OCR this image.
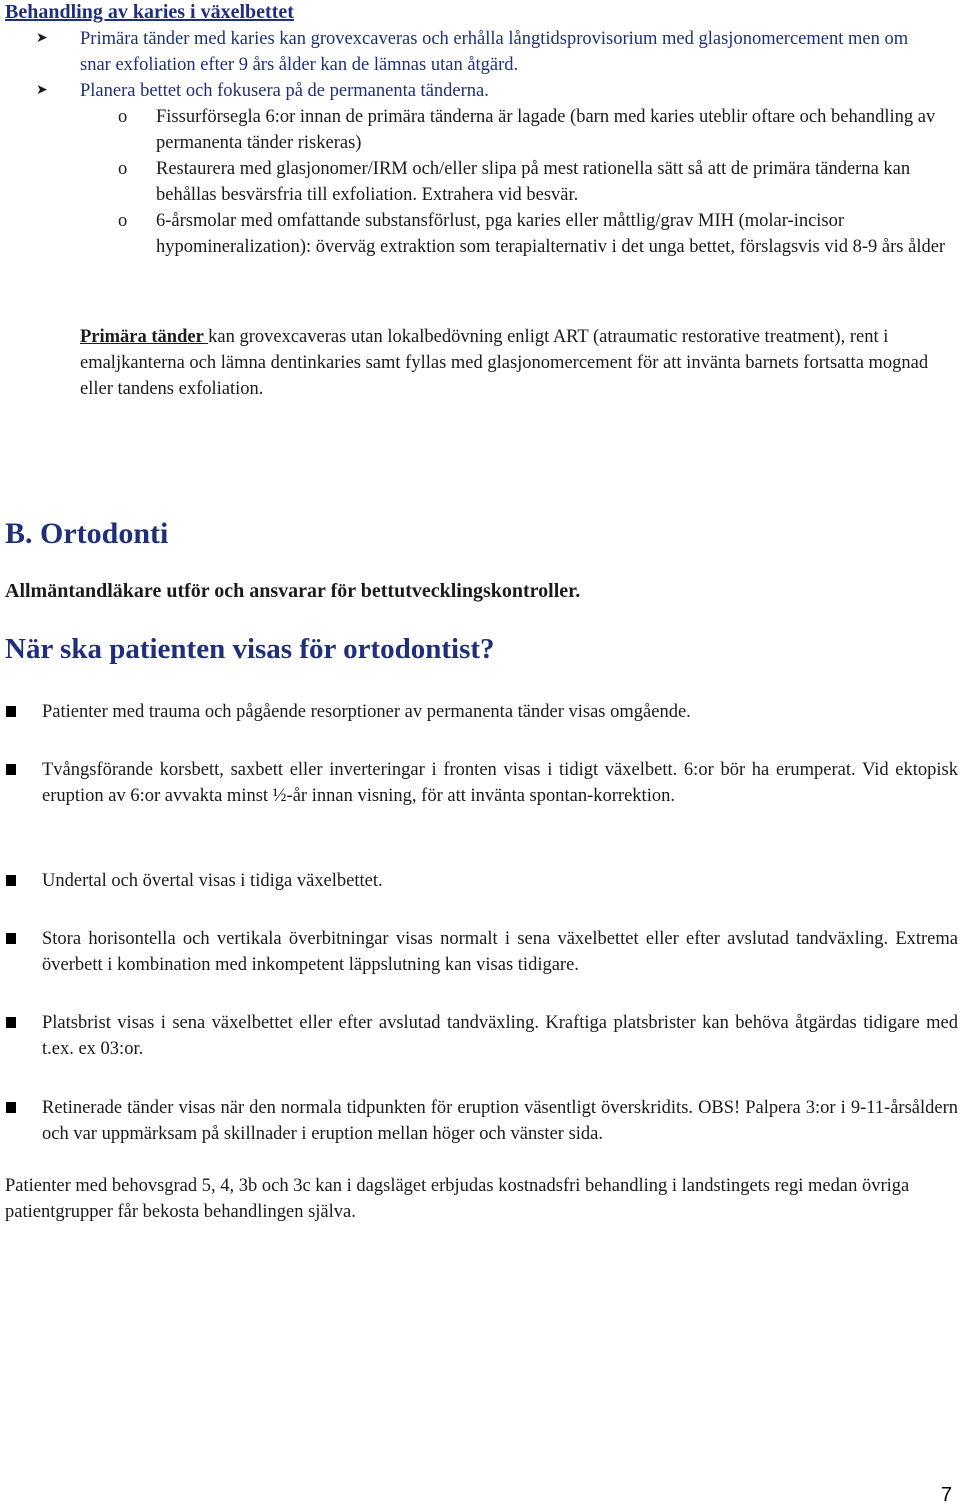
Behandling av karies i växelbettet
➤ Primära tänder med karies kan grovexcaveras och erhålla långtidsprovisorium med glasjonomercement men om snar exfoliation efter 9 års ålder kan de lämnas utan åtgärd.
➤ Planera bettet och fokusera på de permanenta tänderna.
o Fissurförsegla 6:or innan de primära tänderna är lagade (barn med karies uteblir oftare och behandling av permanenta tänder riskeras)
o Restaurera med glasjonomer/IRM och/eller slipa på mest rationella sätt så att de primära tänderna kan behållas besvärsfria till exfoliation. Extrahera vid besvär.
o 6-årsmolar med omfattande substansförlust, pga karies eller måttlig/grav MIH (molar-incisor hypomineralization): överväg extraktion som terapialternativ i det unga bettet, förslagsvis vid 8-9 års ålder
Primära tänder kan grovexcaveras utan lokalbedövning enligt ART (atraumatic restorative treatment), rent i emaljkanterna och lämna dentinkaries samt fyllas med glasjonomercement för att invänta barnets fortsatta mognad eller tandens exfoliation.
B. Ortodonti
Allmäntandläkare utför och ansvarar för bettutvecklingskontroller.
När ska patienten visas för ortodontist?
Patienter med trauma och pågående resorptioner av permanenta tänder visas omgående.
Tvångsförande korsbett, saxbett eller inverteringar i fronten visas i tidigt växelbett. 6:or bör ha erumperat. Vid ektopisk eruption av 6:or avvakta minst ½-år innan visning, för att invänta spontan-korrektion.
Undertal och övertal visas i tidiga växelbettet.
Stora horisontella och vertikala överbitningar visas normalt i sena växelbettet eller efter avslutad tandväxling. Extrema överbett i kombination med inkompetent läppslutning kan visas tidigare.
Platsbrist visas i sena växelbettet eller efter avslutad tandväxling. Kraftiga platsbrister kan behöva åtgärdas tidigare med t.ex. ex 03:or.
Retinerade tänder visas när den normala tidpunkten för eruption väsentligt överskridits. OBS! Palpera 3:or i 9-11-årsåldern och var uppmärksam på skillnader i eruption mellan höger och vänster sida.
Patienter med behovsgrad 5, 4, 3b och 3c kan i dagsläget erbjudas kostnadsfri behandling i landstingets regi medan övriga patientgrupper får bekosta behandlingen själva.
7
